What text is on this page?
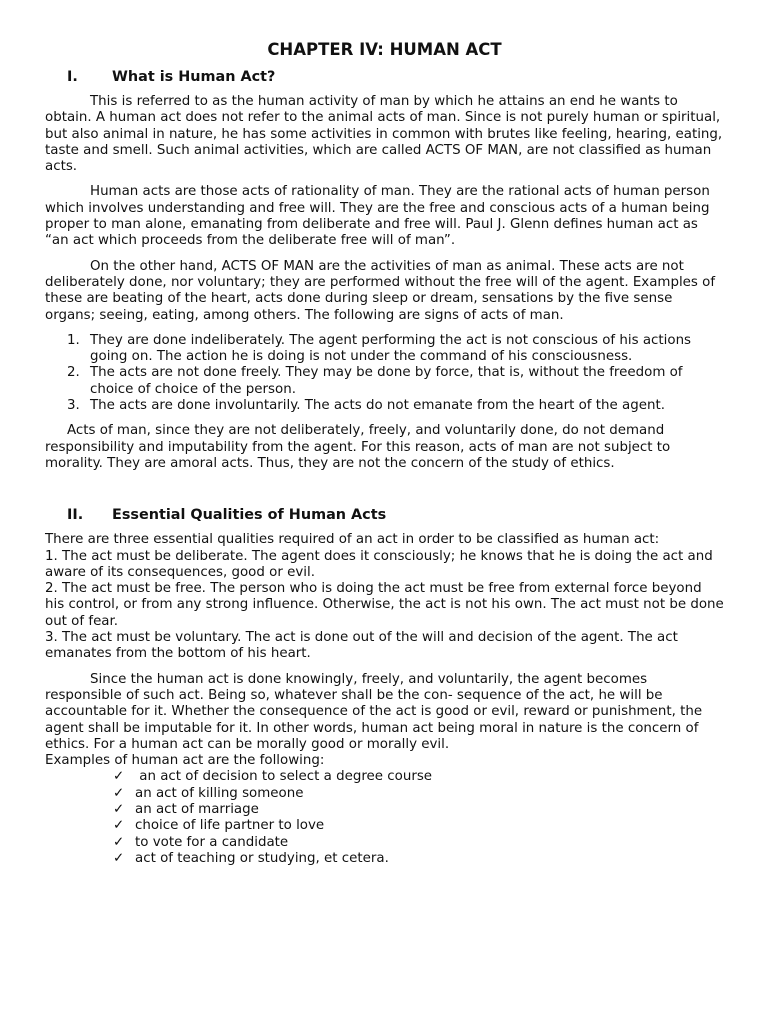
CHAPTER IV: HUMAN ACT
I.	What is Human Act?

This is referred to as the human activity of man by which he attains an end he wants to obtain. A human act does not refer to the animal acts of man. Since is not purely human or spiritual, but also animal in nature, he has some activities in common with brutes like feeling, hearing, eating, taste and smell. Such animal activities, which are called ACTS OF MAN, are not classified as human acts.

Human acts are those acts of rationality of man. They are the rational acts of human person which involves understanding and free will. They are the free and conscious acts of a human being proper to man alone, emanating from deliberate and free will. Paul J. Glenn defines human act as “an act which proceeds from the deliberate free will of man”.

On the other hand, ACTS OF MAN are the activities of man as animal. These acts are not deliberately done, nor voluntary; they are performed without the free will of the agent. Examples of these are beating of the heart, acts done during sleep or dream, sensations by the five sense organs; seeing, eating, among others. The following are signs of acts of man.

1. They are done indeliberately. The agent performing the act is not conscious of his actions going on. The action he is doing is not under the command of his consciousness.
2. The acts are not done freely. They may be done by force, that is, without the freedom of choice of choice of the person.
3. The acts are done involuntarily. The acts do not emanate from the heart of the agent.

Acts of man, since they are not deliberately, freely, and voluntarily done, do not demand responsibility and imputability from the agent. For this reason, acts of man are not subject to morality. They are amoral acts. Thus, they are not the concern of the study of ethics.

II.	Essential Qualities of Human Acts

There are three essential qualities required of an act in order to be classified as human act:

1. The act must be deliberate. The agent does it consciously; he knows that he is doing the act and aware of its consequences, good or evil.

2. The act must be free. The person who is doing the act must be free from external force beyond his control, or from any strong influence. Otherwise, the act is not his own. The act must not be done out of fear.

3. The act must be voluntary. The act is done out of the will and decision of the agent. The act emanates from the bottom of his heart.

Since the human act is done knowingly, freely, and voluntarily, the agent becomes responsible of such act. Being so, whatever shall be the con- sequence of the act, he will be accountable for it. Whether the consequence of the act is good or evil, reward or punishment, the agent shall be imputable for it. In other words, human act being moral in nature is the concern of ethics. For a human act can be morally good or morally evil.

Examples of human act are the following:

✓ an act of decision to select a degree course
✓ an act of killing someone
✓ an act of marriage
✓ choice of life partner to love
✓ to vote for a candidate
✓ act of teaching or studying, et cetera.
